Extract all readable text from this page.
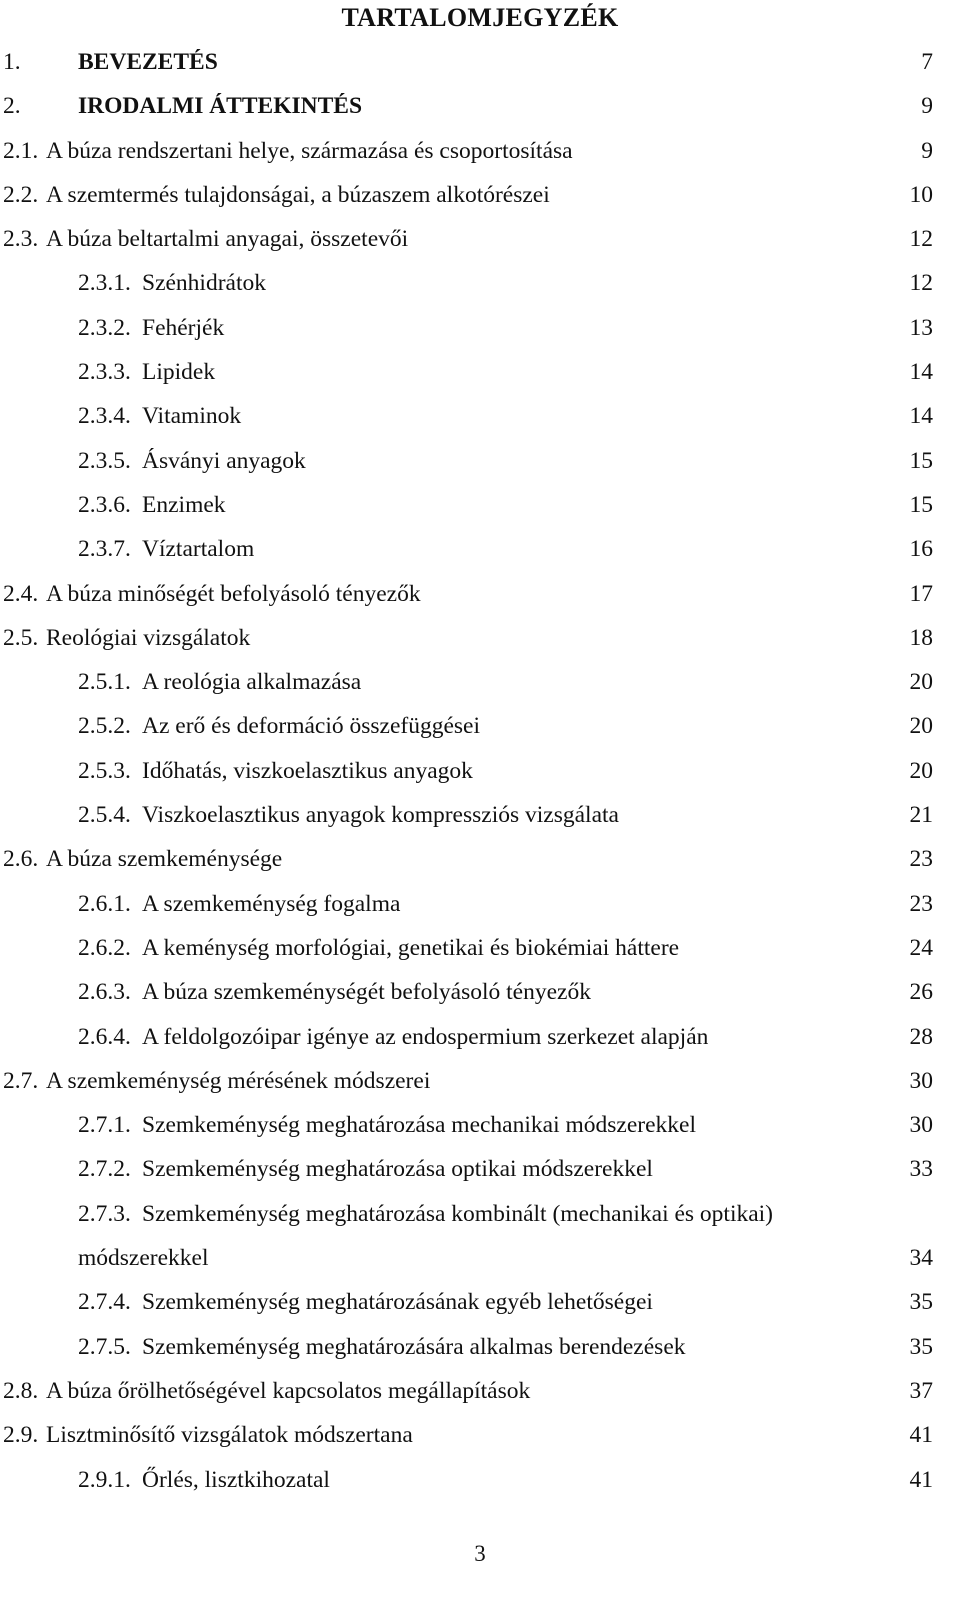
TARTALOMJEGYZÉK
1. BEVEZETÉS	7
2. IRODALMI ÁTTEKINTÉS	9
2.1. A búza rendszertani helye, származása és csoportosítása	9
2.2. A szemtermés tulajdonságai, a búzaszem alkotórészei	10
2.3. A búza beltartalmi anyagai, összetevői	12
2.3.1. Szénhidrátok	12
2.3.2. Fehérjék	13
2.3.3. Lipidek	14
2.3.4. Vitaminok	14
2.3.5. Ásványi anyagok	15
2.3.6. Enzimek	15
2.3.7. Víztartalom	16
2.4. A búza minőségét befolyásoló tényezők	17
2.5. Reológiai vizsgálatok	18
2.5.1. A reológia alkalmazása	20
2.5.2. Az erő és deformáció összefüggései	20
2.5.3. Időhatás, viszkoelasztikus anyagok	20
2.5.4. Viszkoelasztikus anyagok kompressziós vizsgálata	21
2.6. A búza szemkeménysége	23
2.6.1. A szemkeménység fogalma	23
2.6.2. A keménység morfológiai, genetikai és biokémiai háttere	24
2.6.3. A búza szemkeménységét befolyásoló tényezők	26
2.6.4. A feldolgozóipar igénye az endospermium szerkezet alapján	28
2.7. A szemkeménység mérésének módszerei	30
2.7.1. Szemkeménység meghatározása mechanikai módszerekkel	30
2.7.2. Szemkeménység meghatározása optikai módszerekkel	33
2.7.3. Szemkeménység meghatározása kombinált (mechanikai és optikai)
módszerekkel	34
2.7.4. Szemkeménység meghatározásának egyéb lehetőségei	35
2.7.5. Szemkeménység meghatározására alkalmas berendezések	35
2.8. A búza őrölhetőségével kapcsolatos megállapítások	37
2.9. Lisztminősítő vizsgálatok módszertana	41
2.9.1. Őrlés, lisztkihozatal	41
3
